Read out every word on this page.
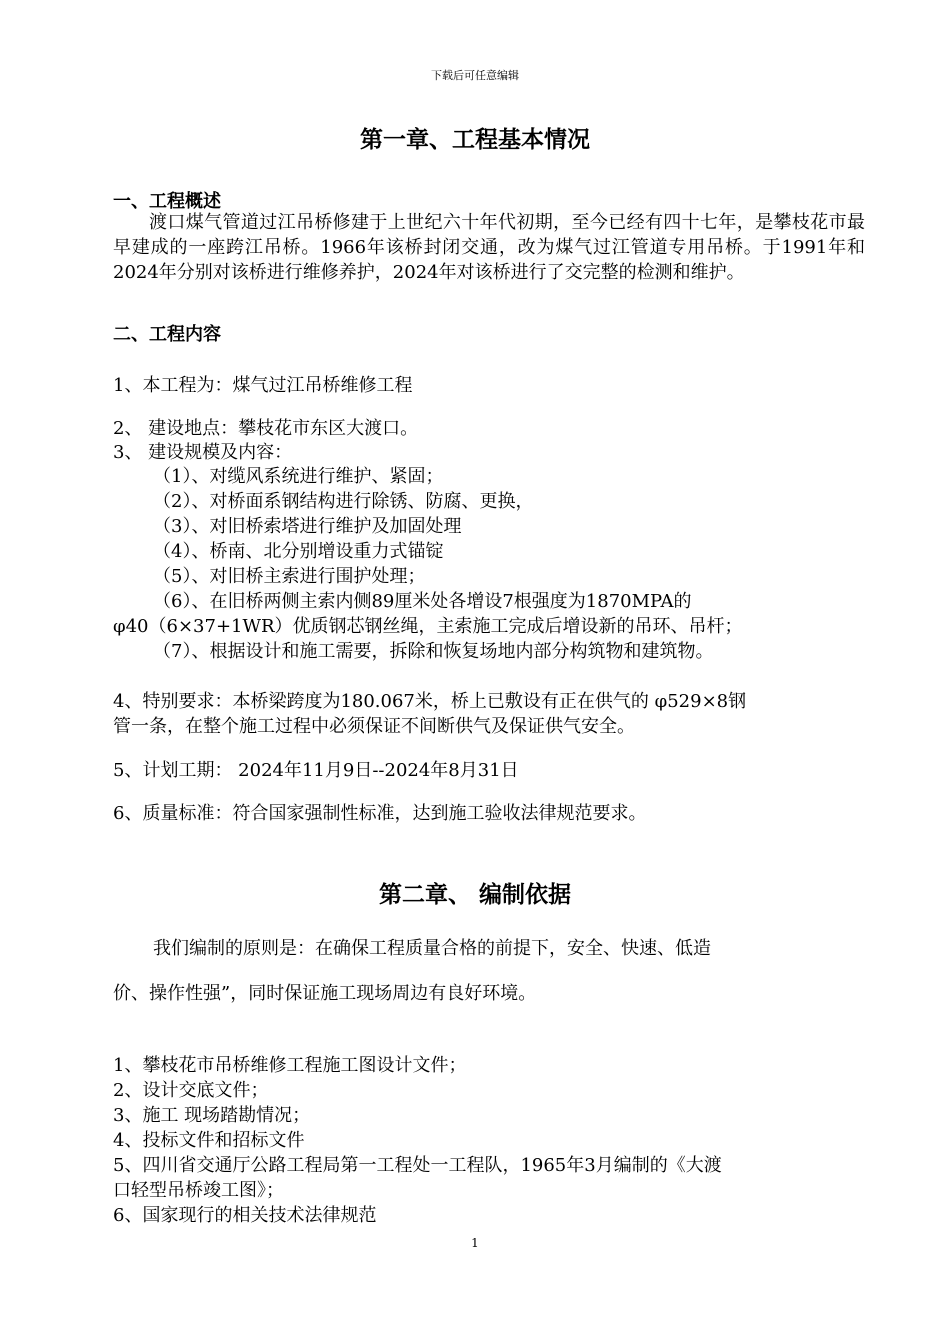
下载后可任意编辑
第一章、工程基本情况
一、工程概述

渡口煤气管道过江吊桥修建于上世纪六十年代初期，至今已经有四十七年，是攀枝花市最早建成的一座跨江吊桥。1966年该桥封闭交通，改为煤气过江管道专用吊桥。于1991年和2024年分别对该桥进行维修养护，2024年对该桥进行了交完整的检测和维护。

二、工程内容
1、本工程为：煤气过江吊桥维修工程
2、 建设地点：攀枝花市东区大渡口。
3、 建设规模及内容：
（1）、对缆风系统进行维护、紧固；
（2）、对桥面系钢结构进行除锈、防腐、更换，
（3）、对旧桥索塔进行维护及加固处理
（4）、桥南、北分别增设重力式锚锭
（5）、对旧桥主索进行围护处理；
（6）、在旧桥两侧主索内侧89厘米处各增设7根强度为1870MPA的
φ40（6×37+1WR）优质钢芯钢丝绳，主索施工完成后增设新的吊环、吊杆；
（7）、根据设计和施工需要，拆除和恢复场地内部分构筑物和建筑物。
4、特别要求：本桥梁跨度为180.067米，桥上已敷设有正在供气的 φ529×8钢
管一条，在整个施工过程中必须保证不间断供气及保证供气安全。
5、计划工期： 2024年11月9日--2024年8月31日
6、质量标准：符合国家强制性标准，达到施工验收法律规范要求。
第二章、 编制依据
我们编制的原则是：在确保工程质量合格的前提下，安全、快速、低造
价、操作性强”，同时保证施工现场周边有良好环境。
1、攀枝花市吊桥维修工程施工图设计文件；
2、设计交底文件；
3、施工 现场踏勘情况；
4、投标文件和招标文件
5、四川省交通厅公路工程局第一工程处一工程队，1965年3月编制的《大渡
口轻型吊桥竣工图》；
6、国家现行的相关技术法律规范
1
